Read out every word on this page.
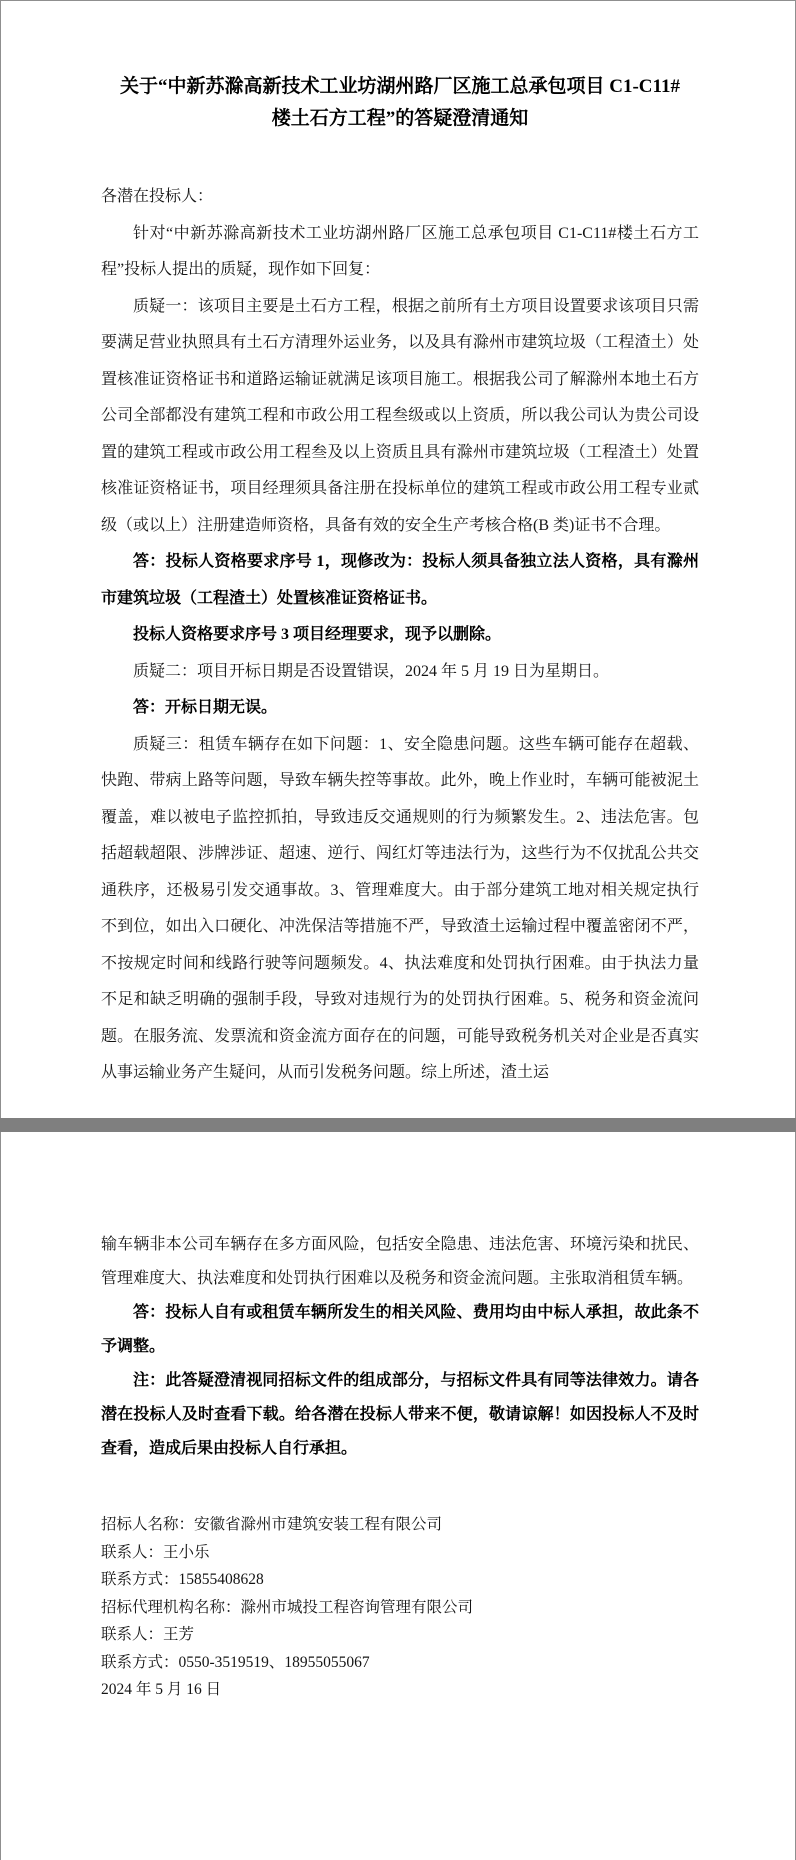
关于“中新苏滁高新技术工业坊湖州路厂区施工总承包项目 C1-C11#楼土石方工程”的答疑澄清通知

各潜在投标人：

针对“中新苏滁高新技术工业坊湖州路厂区施工总承包项目 C1-C11#楼土石方工程”投标人提出的质疑，现作如下回复：

质疑一：该项目主要是土石方工程，根据之前所有土方项目设置要求该项目只需要满足营业执照具有土石方清理外运业务，以及具有滁州市建筑垃圾（工程渣土）处置核准证资格证书和道路运输证就满足该项目施工。根据我公司了解滁州本地土石方公司全部都没有建筑工程和市政公用工程叁级或以上资质，所以我公司认为贵公司设置的建筑工程或市政公用工程叁及以上资质且具有滁州市建筑垃圾（工程渣土）处置核准证资格证书，项目经理须具备注册在投标单位的建筑工程或市政公用工程专业贰级（或以上）注册建造师资格，具备有效的安全生产考核合格(B 类)证书不合理。

答：投标人资格要求序号 1，现修改为：投标人须具备独立法人资格，具有滁州市建筑垃圾（工程渣土）处置核准证资格证书。

投标人资格要求序号 3 项目经理要求，现予以删除。

质疑二：项目开标日期是否设置错误，2024 年 5 月 19 日为星期日。

答：开标日期无误。

质疑三：租赁车辆存在如下问题：1、安全隐患问题。这些车辆可能存在超载、快跑、带病上路等问题，导致车辆失控等事故。此外，晚上作业时，车辆可能被泥土覆盖，难以被电子监控抓拍，导致违反交通规则的行为频繁发生。2、违法危害。包括超载超限、涉牌涉证、超速、逆行、闯红灯等违法行为，这些行为不仅扰乱公共交通秩序，还极易引发交通事故。3、管理难度大。由于部分建筑工地对相关规定执行不到位，如出入口硬化、冲洗保洁等措施不严，导致渣土运输过程中覆盖密闭不严，不按规定时间和线路行驶等问题频发。4、执法难度和处罚执行困难。由于执法力量不足和缺乏明确的强制手段，导致对违规行为的处罚执行困难。5、税务和资金流问题。在服务流、发票流和资金流方面存在的问题，可能导致税务机关对企业是否真实从事运输业务产生疑问，从而引发税务问题。综上所述，渣土运

输车辆非本公司车辆存在多方面风险，包括安全隐患、违法危害、环境污染和扰民、管理难度大、执法难度和处罚执行困难以及税务和资金流问题。主张取消租赁车辆。

答：投标人自有或租赁车辆所发生的相关风险、费用均由中标人承担，故此条不予调整。

注：此答疑澄清视同招标文件的组成部分，与招标文件具有同等法律效力。请各潜在投标人及时查看下载。给各潜在投标人带来不便，敬请谅解！如因投标人不及时查看，造成后果由投标人自行承担。

招标人名称：安徽省滁州市建筑安装工程有限公司

联系人：王小乐

联系方式：15855408628

招标代理机构名称：滁州市城投工程咨询管理有限公司

联系人：王芳

联系方式：0550-3519519、18955055067

2024 年 5 月 16 日
